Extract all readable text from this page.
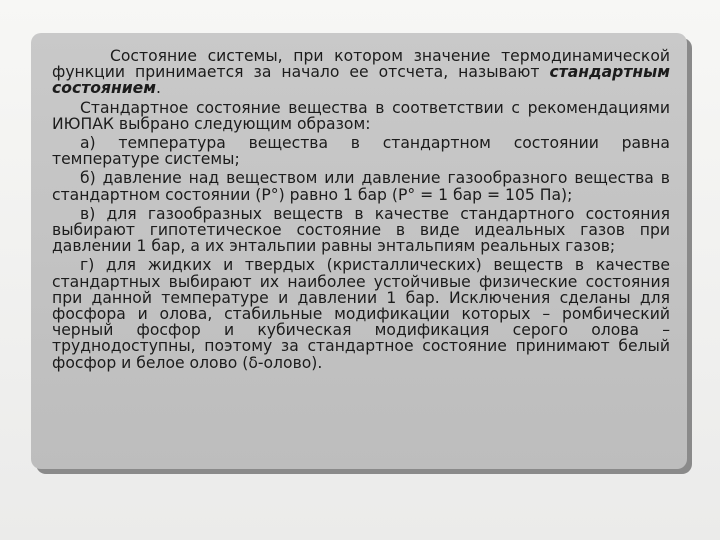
Состояние системы, при котором значение термодинамической функции принимается за начало ее отсчета, называют стандартным состоянием.

Стандартное состояние вещества в соответствии с рекомендациями ИЮПАК выбрано следующим образом:

а) температура вещества в стандартном состоянии равна температуре системы;

б) давление над веществом или давление газообразного вещества в стандартном состоянии (Р°) равно 1 бар (Р° = 1 бар = 105 Па);

в) для газообразных веществ в качестве стандартного состояния выбирают гипотетическое состояние в виде идеальных газов при давлении 1 бар, а их энтальпии равны энтальпиям реальных газов;

г) для жидких и твердых (кристаллических) веществ в качестве стандартных выбирают их наиболее устойчивые физические состояния при данной температуре и давлении 1 бар. Исключения сделаны для фосфора и олова, стабильные модификации которых – ромбический черный фосфор и кубическая модификация серого олова – труднодоступны, поэтому за стандартное состояние принимают белый фосфор и белое олово (δ-олово).
